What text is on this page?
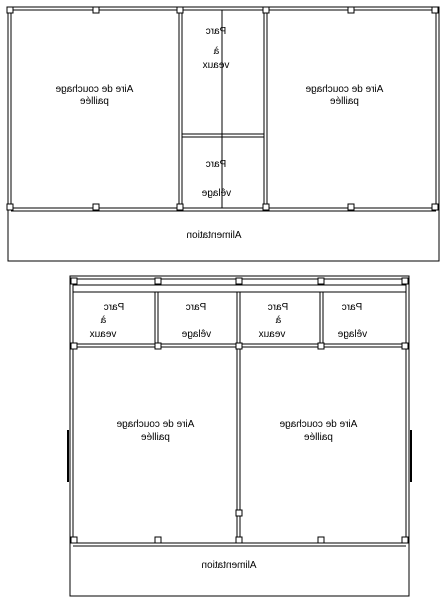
Aire de couchage
paillée
Parc
à
veaux
Parc
vêlage
Aire de couchage
paillée
Alimentation
Parc
à
veaux
Parc
vêlage
Parc
à
veaux
Parc
vêlage
Aire de couchage
paillée
Aire de couchage
paillée
Alimentation
